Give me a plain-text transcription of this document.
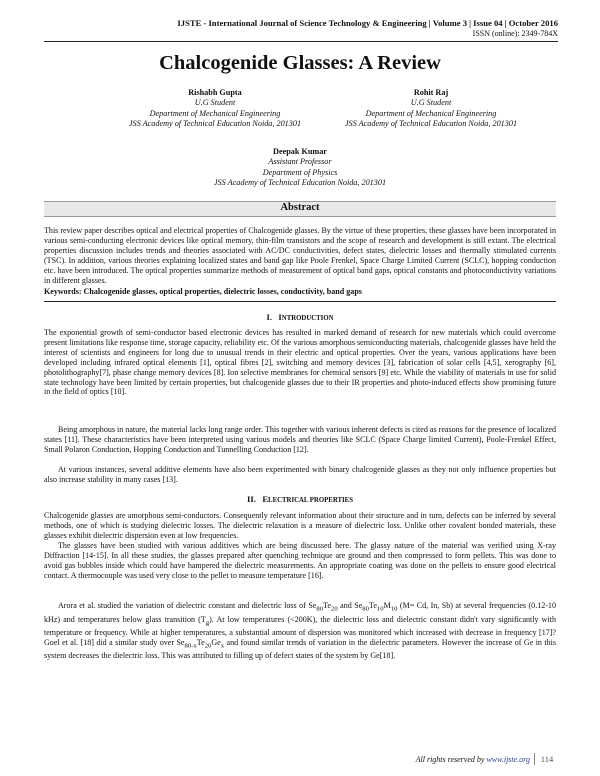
IJSTE - International Journal of Science Technology & Engineering | Volume 3 | Issue 04 | October 2016
ISSN (online): 2349-784X
Chalcogenide Glasses: A Review
Rishabh Gupta
U.G Student
Department of Mechanical Engineering
JSS Academy of Technical Education Noida, 201301
Rohit Raj
U.G Student
Department of Mechanical Engineering
JSS Academy of Technical Education Noida, 201301
Deepak Kumar
Assistant Professor
Department of Physics
JSS Academy of Technical Education Noida, 201301
Abstract

This review paper describes optical and electrical properties of Chalcogenide glasses. By the virtue of these properties, these glasses have been incorporated in various semi-conducting electronic devices like optical memory, thin-film transistors and the scope of research and development is still extant. The electrical properties discussion includes trends and theories associated with AC/DC conductivities, defect states, dielectric losses and thermally stimulated currents (TSC). In addition, various theories explaining localized states and band gap like Poole Frenkel, Space Charge Limited Current (SCLC), hopping conduction etc. have been introduced. The optical properties summarize methods of measurement of optical band gaps, optical constants and photoconductivity variations in different glasses.

Keywords: Chalcogenide glasses, optical properties, dielectric losses, conductivity, band gaps
I. INTRODUCTION

The exponential growth of semi-conductor based electronic devices has resulted in marked demand of research for new materials which could overcome present limitations like response time, storage capacity, reliability etc. Of the various amorphous semiconducting materials, chalcogenide glasses have held the interest of scientists and engineers for long due to unusual trends in their electric and optical properties. Over the years, various applications have been developed including infrared optical elements [1], optical fibres [2], switching and memory devices [3], fabrication of solar cells [4,5], xerography [6], photolithography[7], phase change memory devices [8]. Ion selective membranes for chemical sensors [9] etc. While the viability of materials in use for solid state technology have been limited by certain properties, but chalcogenide glasses due to their IR properties and photo-induced effects show promising future in the field of optics [10].

Being amorphous in nature, the material lacks long range order. This together with various inherent defects is cited as reasons for the presence of localized states [11]. These characteristics have been interpreted using various models and theories like SCLC (Space Charge limited Current), Poole-Frenkel Effect, Small Polaron Conduction, Hopping Conduction and Tunnelling Conduction [12].

At various instances, several additive elements have also been experimented with binary chalcogenide glasses as they not only influence properties but also increase stability in many cases [13].

II. ELECTRICAL PROPERTIES

Chalcogenide glasses are amorphous semi-conductors. Consequently relevant information about their structure and in turn, defects can be inferred by several methods, one of which is studying dielectric losses. The dielectric relaxation is a measure of dielectric loss. Unlike other covalent bonded materials, these glasses exhibit dielectric dispersion even at low frequencies.

The glasses have been studied with various additives which are being discussed here. The glassy nature of the material was verified using X-ray Diffraction [14-15]. In all these studies, the glasses prepared after quenching technique are ground and then compressed to form pellets. This was done to avoid gas bubbles inside which could have hampered the dielectric measurements. An appropriate coating was done on the pellets to ensure good electrical contact. A thermocouple was used very close to the pellet to measure temperature [16].

Arora et al. studied the variation of dielectric constant and dielectric loss of $Se_{80}Te_{20}$ and $Se_{80}Te_{10}M_{10}$ (M= Cd, In, Sb) at several frequencies (0.12-10 kHz) and temperatures below glass transition $(T_g)$. At low temperatures (<200K), the dielectric loss and dielectric constant didn't vary significantly with temperature or frequency. While at higher temperatures, a substantial amount of dispersion was monitored which increased with decrease in frequency [17]? Goel et al. [18] did a similar study over $Se_{80-x}Te_{20}Ge_x$ and found similar trends of variation in the dielectric parameters. However the increase of Ge in this system decreases the dielectric loss. This was attributed to filling up of defect states of the system by Ge[18].

All rights reserved by www.ijste.org	114
